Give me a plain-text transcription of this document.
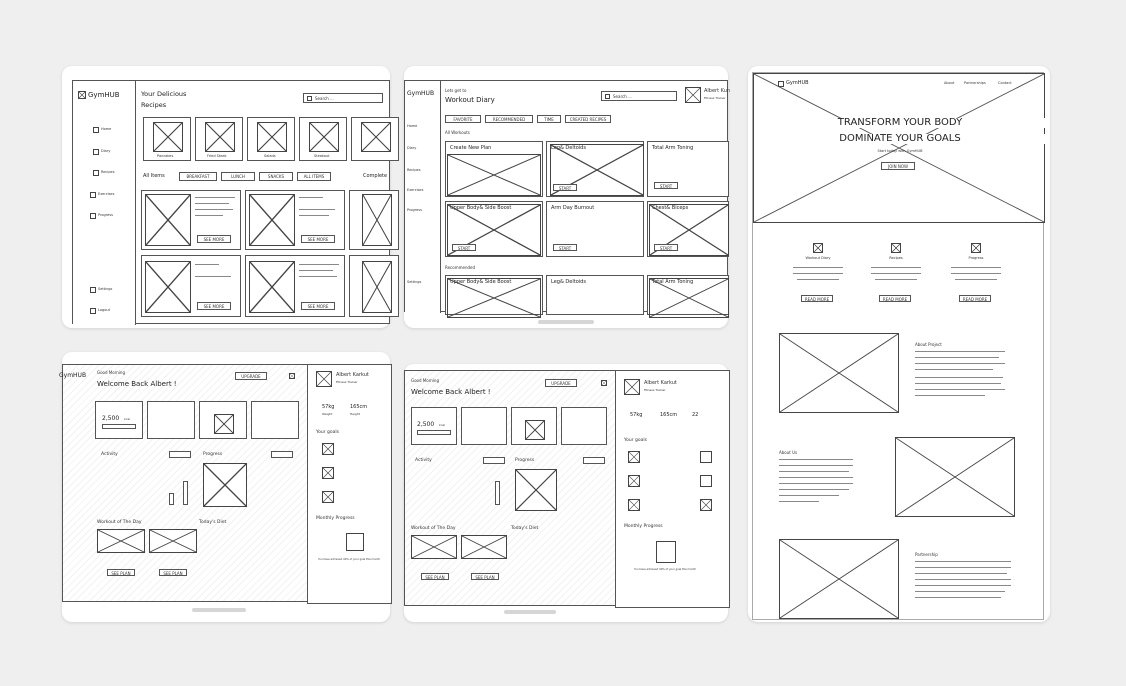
GymHUB
Home
Diary
Recipes
Exercises
Progress
Settings
Logout
Your Delicious
Recipes
Search ...
Pancakes	Fried Steak	Salads	Steakout
All Items	BREAKFAST	LUNCH	SNACKS	ALL ITEMS	Complete
SEE MORE	SEE MORE
SEE MORE	SEE MORE
GymHUB
Home
Diary
Recipes
Exercises
Progress
Settings
Lets get to
Workout Diary	Search ...
Albert Kun
Fitness Trainer
FAVORITE	RECOMMENDED	TIME	CREATED RECIPES
All Workouts
Create New Plan	Leg& Deltoids
START
Total Arm Toning
START
Upper Body& Side Boost
START
Arm Day Burnout
START
Chest& Biceps
START
Recommended
Upper Body& Side Boost	Leg& Deltoids	Total Arm Toning
GymHUB	Good Morning
Welcome Back Albert !
UPGRADE
2,500 kcal
Activity	Progress
Workout of The Day	Today's Diet
SEE PLAN	SEE PLAN
Albert Karkut
Fitness Trainer
57kg	165cm
Weight	Height
Your goals
Monthly Progress
You have achieved 40% of your goal this month
Good Morning
Welcome Back Albert !
UPGRADE
2,500 kcal
Activity	Progress
Workout of The Day	Today's Diet
SEE PLAN	SEE PLAN
Albert Karkut
Fitness Trainer
57kg	165cm	22
Your goals
Monthly Progress
You have achieved 40% of your goal this month
GymHUB	About	Partnerships	Contact
TRANSFORM YOUR BODY
DOMINATE YOUR GOALS
Start today with GymHUB
JOIN NOW
Workout Diary	Recipes	Progress
READ MORE	READ MORE	READ MORE
About Project
About Us
Partnership
